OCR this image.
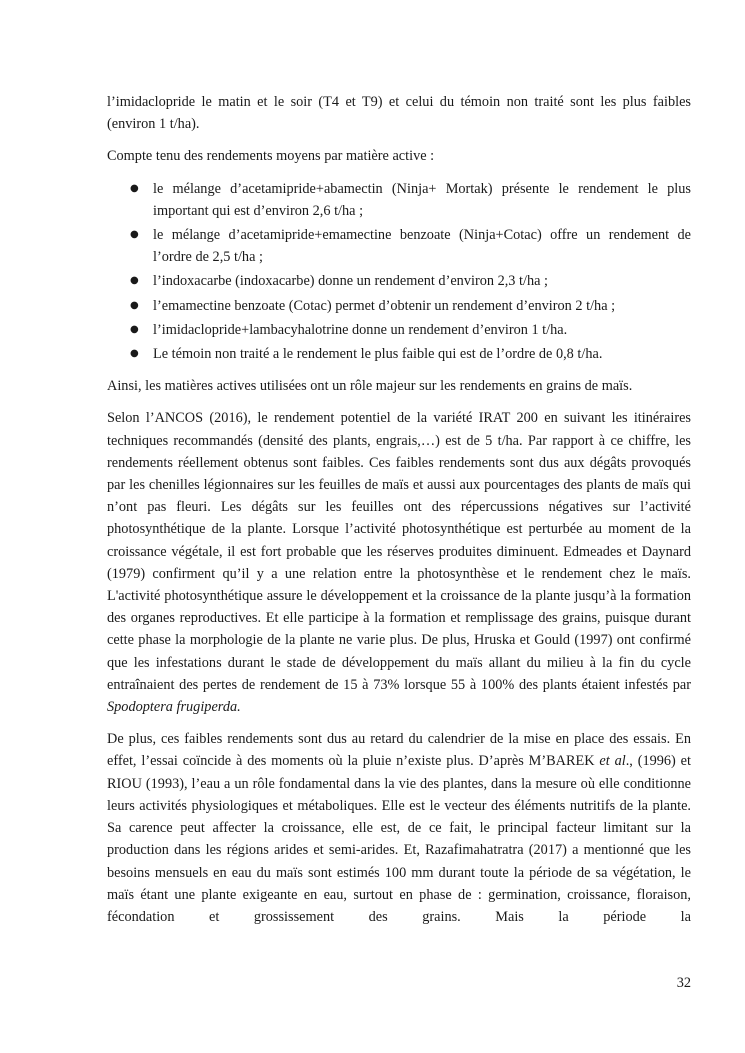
l’imidaclopride le matin et le soir (T4 et T9) et celui du témoin non traité sont les plus faibles (environ 1 t/ha).

Compte tenu des rendements moyens par matière active :

● le mélange d’acetamipride+abamectin (Ninja+ Mortak) présente le rendement le plus important qui est d’environ 2,6 t/ha ;
● le mélange d’acetamipride+emamectine benzoate (Ninja+Cotac) offre un rendement de l’ordre de 2,5 t/ha ;
● l’indoxacarbe (indoxacarbe) donne un rendement d’environ 2,3 t/ha ;
● l’emamectine benzoate (Cotac) permet d’obtenir un rendement d’environ 2 t/ha ;
● l’imidaclopride+lambacyhalotrine donne un rendement d’environ 1 t/ha.
● Le témoin non traité a le rendement le plus faible qui est de l’ordre de 0,8 t/ha.

Ainsi, les matières actives utilisées ont un rôle majeur sur les rendements en grains de maïs.

Selon l’ANCOS (2016), le rendement potentiel de la variété IRAT 200 en suivant les itinéraires techniques recommandés (densité des plants, engrais,…) est de 5 t/ha. Par rapport à ce chiffre, les rendements réellement obtenus sont faibles. Ces faibles rendements sont dus aux dégâts provoqués par les chenilles légionnaires sur les feuilles de maïs et aussi aux pourcentages des plants de maïs qui n’ont pas fleuri. Les dégâts sur les feuilles ont des répercussions négatives sur l’activité photosynthétique de la plante. Lorsque l’activité photosynthétique est perturbée au moment de la croissance végétale, il est fort probable que les réserves produites diminuent. Edmeades et Daynard (1979) confirment qu’il y a une relation entre la photosynthèse et le rendement chez le maïs. L'activité photosynthétique assure le développement et la croissance de la plante jusqu’à la formation des organes reproductives. Et elle participe à la formation et remplissage des grains, puisque durant cette phase la morphologie de la plante ne varie plus. De plus, Hruska et Gould (1997) ont confirmé que les infestations durant le stade de développement du maïs allant du milieu à la fin du cycle entraînaient des pertes de rendement de 15 à 73% lorsque 55 à 100% des plants étaient infestés par Spodoptera frugiperda.

De plus, ces faibles rendements sont dus au retard du calendrier de la mise en place des essais. En effet, l’essai coïncide à des moments où la pluie n’existe plus. D’après M’BAREK et al., (1996) et RIOU (1993), l’eau a un rôle fondamental dans la vie des plantes, dans la mesure où elle conditionne leurs activités physiologiques et métaboliques. Elle est le vecteur des éléments nutritifs de la plante. Sa carence peut affecter la croissance, elle est, de ce fait, le principal facteur limitant sur la production dans les régions arides et semi-arides. Et, Razafimahatratra (2017) a mentionné que les besoins mensuels en eau du maïs sont estimés 100 mm durant toute la période de sa végétation, le maïs étant une plante exigeante en eau, surtout en phase de : germination, croissance, floraison, fécondation et grossissement des grains. Mais la période la

32
